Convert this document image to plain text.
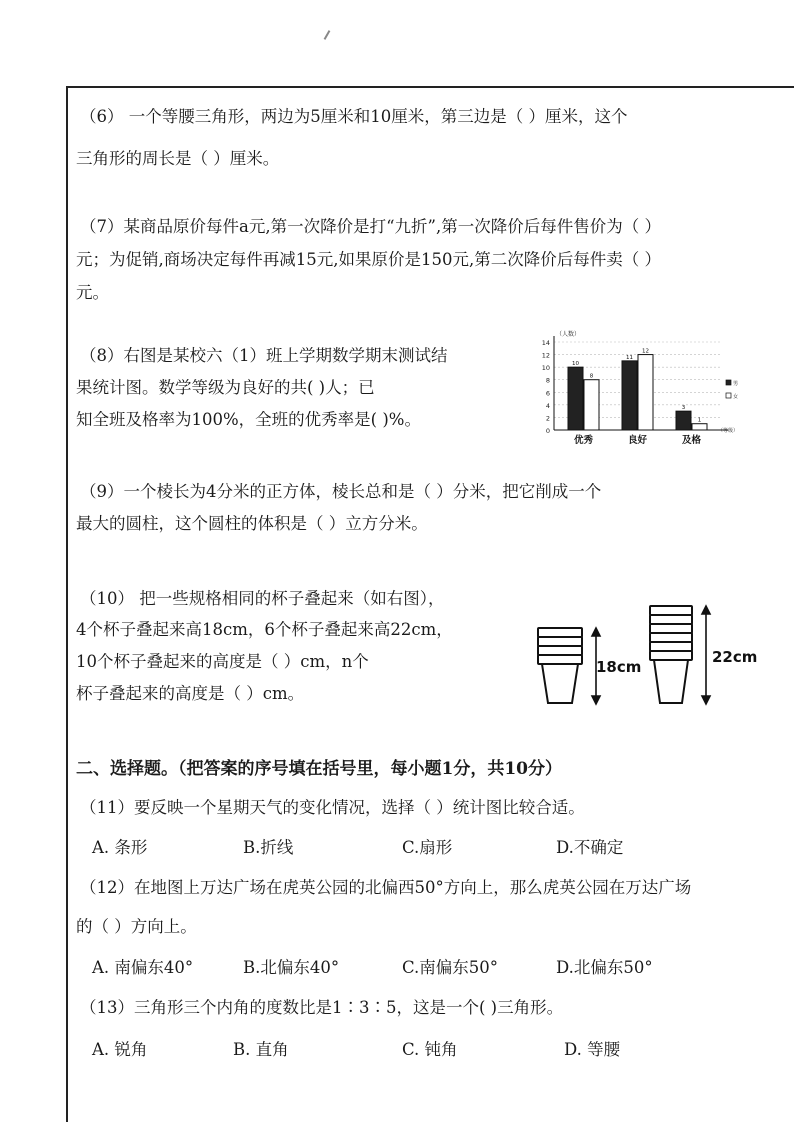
（6） 一个等腰三角形，两边为5厘米和10厘米，第三边是（ ）厘米，这个
三角形的周长是（ ）厘米。
（7）某商品原价每件a元,第一次降价是打“九折”,第一次降价后每件售价为（ ）
元；为促销,商场决定每件再减15元,如果原价是150元,第二次降价后每件卖（ ）
元。
（8）右图是某校六（1）班上学期数学期末测试结
果统计图。数学等级为良好的共( )人；已
知全班及格率为100%，全班的优秀率是( )%。
0
2
4
6
8
10
12
14
（人数）
（等级）
10
8
优秀
11
12
良好
3
1
及格
男
女
（9）一个棱长为4分米的正方体，棱长总和是（ ）分米，把它削成一个
最大的圆柱，这个圆柱的体积是（ ）立方分米。
（10） 把一些规格相同的杯子叠起来（如右图），
4个杯子叠起来高18cm，6个杯子叠起来高22cm，
10个杯子叠起来的高度是（ ）cm，n个
杯子叠起来的高度是（ ）cm。
18cm
22cm
二、选择题。（把答案的序号填在括号里，每小题1分，共10分）
（11）要反映一个星期天气的变化情况，选择（ ）统计图比较合适。
A. 条形	B.折线	C.扇形	D.不确定
（12）在地图上万达广场在虎英公园的北偏西50°方向上，那么虎英公园在万达广场
的（ ）方向上。
A. 南偏东40°	B.北偏东40°	C.南偏东50°	D.北偏东50°
（13）三角形三个内角的度数比是1∶3∶5，这是一个( )三角形。
A. 锐角	B. 直角	C. 钝角	D. 等腰
